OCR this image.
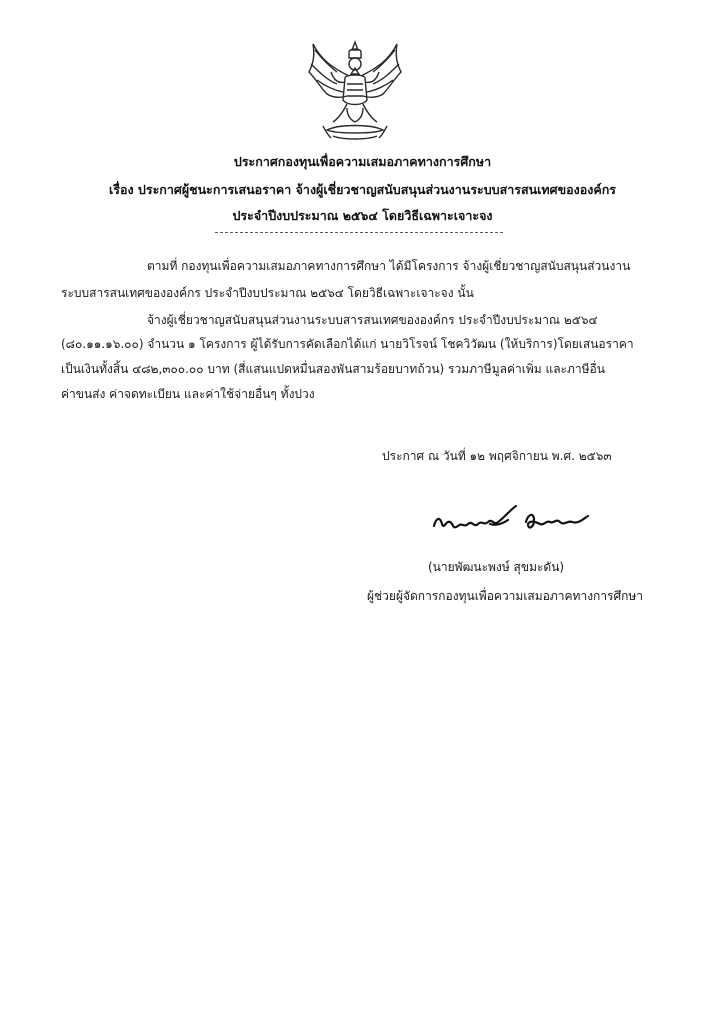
ประกาศกองทุนเพื่อความเสมอภาคทางการศึกษา
เรื่อง ประกาศผู้ชนะการเสนอราคา จ้างผู้เชี่ยวชาญสนับสนุนส่วนงานระบบสารสนเทศขององค์กร
ประจำปีงบประมาณ ๒๕๖๔ โดยวิธีเฉพาะเจาะจง
ตามที่ กองทุนเพื่อความเสมอภาคทางการศึกษา ได้มีโครงการ จ้างผู้เชี่ยวชาญสนับสนุนส่วนงาน
ระบบสารสนเทศขององค์กร ประจำปีงบประมาณ ๒๕๖๔ โดยวิธีเฉพาะเจาะจง นั้น
จ้างผู้เชี่ยวชาญสนับสนุนส่วนงานระบบสารสนเทศขององค์กร ประจำปีงบประมาณ ๒๕๖๔
(๘๐.๑๑.๑๖.๐๐) จำนวน ๑ โครงการ ผู้ได้รับการคัดเลือกได้แก่ นายวิโรจน์ โชควิวัฒน (ให้บริการ)โดยเสนอราคา
เป็นเงินทั้งสิ้น ๔๘๒,๓๐๐.๐๐ บาท (สี่แสนแปดหมื่นสองพันสามร้อยบาทถ้วน) รวมภาษีมูลค่าเพิ่ม และภาษีอื่น
ค่าขนส่ง ค่าจดทะเบียน และค่าใช้จ่ายอื่นๆ ทั้งปวง
ประกาศ ณ วันที่ ๑๒ พฤศจิกายน พ.ศ. ๒๕๖๓
(นายพัฒนะพงษ์ สุขมะดัน)
ผู้ช่วยผู้จัดการกองทุนเพื่อความเสมอภาคทางการศึกษา
